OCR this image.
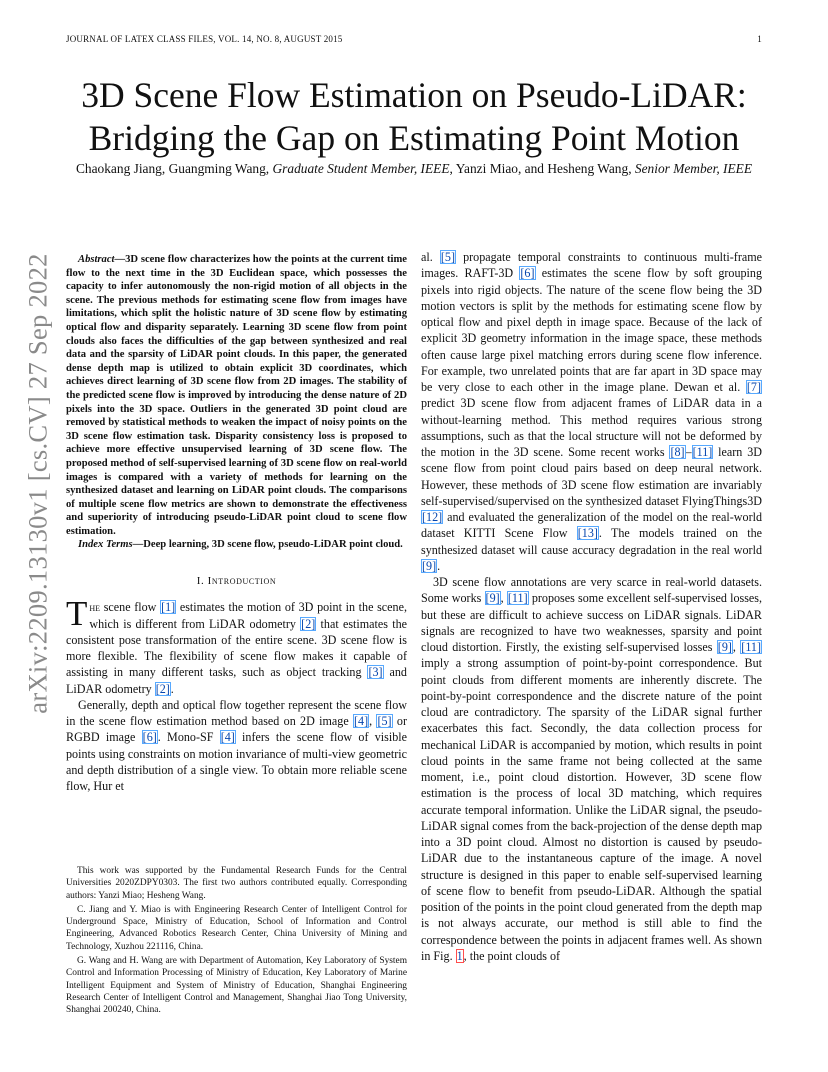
JOURNAL OF LATEX CLASS FILES, VOL. 14, NO. 8, AUGUST 2015	1
arXiv:2209.13130v1 [cs.CV] 27 Sep 2022
3D Scene Flow Estimation on Pseudo-LiDAR: Bridging the Gap on Estimating Point Motion
Chaokang Jiang, Guangming Wang, Graduate Student Member, IEEE, Yanzi Miao, and Hesheng Wang, Senior Member, IEEE

Abstract—3D scene flow characterizes how the points at the current time flow to the next time in the 3D Euclidean space, which possesses the capacity to infer autonomously the non-rigid motion of all objects in the scene. The previous methods for estimating scene flow from images have limitations, which split the holistic nature of 3D scene flow by estimating optical flow and disparity separately. Learning 3D scene flow from point clouds also faces the difficulties of the gap between synthesized and real data and the sparsity of LiDAR point clouds. In this paper, the generated dense depth map is utilized to obtain explicit 3D coordinates, which achieves direct learning of 3D scene flow from 2D images. The stability of the predicted scene flow is improved by introducing the dense nature of 2D pixels into the 3D space. Outliers in the generated 3D point cloud are removed by statistical methods to weaken the impact of noisy points on the 3D scene flow estimation task. Disparity consistency loss is proposed to achieve more effective unsupervised learning of 3D scene flow. The proposed method of self-supervised learning of 3D scene flow on real-world images is compared with a variety of methods for learning on the synthesized dataset and learning on LiDAR point clouds. The comparisons of multiple scene flow metrics are shown to demonstrate the effectiveness and superiority of introducing pseudo-LiDAR point cloud to scene flow estimation.

Index Terms—Deep learning, 3D scene flow, pseudo-LiDAR point cloud.

I. Introduction

The scene flow [1] estimates the motion of 3D point in the scene, which is different from LiDAR odometry [2] that estimates the consistent pose transformation of the entire scene. 3D scene flow is more flexible. The flexibility of scene flow makes it capable of assisting in many different tasks, such as object tracking [3] and LiDAR odometry [2].

Generally, depth and optical flow together represent the scene flow in the scene flow estimation method based on 2D image [4], [5] or RGBD image [6]. Mono-SF [4] infers the scene flow of visible points using constraints on motion invariance of multi-view geometric and depth distribution of a single view. To obtain more reliable scene flow, Hur et

This work was supported by the Fundamental Research Funds for the Central Universities 2020ZDPY0303. The first two authors contributed equally. Corresponding authors: Yanzi Miao; Hesheng Wang.

C. Jiang and Y. Miao is with Engineering Research Center of Intelligent Control for Underground Space, Ministry of Education, School of Information and Control Engineering, Advanced Robotics Research Center, China University of Mining and Technology, Xuzhou 221116, China.

G. Wang and H. Wang are with Department of Automation, Key Laboratory of System Control and Information Processing of Ministry of Education, Key Laboratory of Marine Intelligent Equipment and System of Ministry of Education, Shanghai Engineering Research Center of Intelligent Control and Management, Shanghai Jiao Tong University, Shanghai 200240, China.

al. [5] propagate temporal constraints to continuous multi-frame images. RAFT-3D [6] estimates the scene flow by soft grouping pixels into rigid objects. The nature of the scene flow being the 3D motion vectors is split by the methods for estimating scene flow by optical flow and pixel depth in image space. Because of the lack of explicit 3D geometry information in the image space, these methods often cause large pixel matching errors during scene flow inference. For example, two unrelated points that are far apart in 3D space may be very close to each other in the image plane. Dewan et al. [7] predict 3D scene flow from adjacent frames of LiDAR data in a without-learning method. This method requires various strong assumptions, such as that the local structure will not be deformed by the motion in the 3D scene. Some recent works [8]–[11] learn 3D scene flow from point cloud pairs based on deep neural network. However, these methods of 3D scene flow estimation are invariably self-supervised/supervised on the synthesized dataset FlyingThings3D [12] and evaluated the generalization of the model on the real-world dataset KITTI Scene Flow [13]. The models trained on the synthesized dataset will cause accuracy degradation in the real world [9].

3D scene flow annotations are very scarce in real-world datasets. Some works [9], [11] proposes some excellent self-supervised losses, but these are difficult to achieve success on LiDAR signals. LiDAR signals are recognized to have two weaknesses, sparsity and point cloud distortion. Firstly, the existing self-supervised losses [9], [11] imply a strong assumption of point-by-point correspondence. But point clouds from different moments are inherently discrete. The point-by-point correspondence and the discrete nature of the point cloud are contradictory. The sparsity of the LiDAR signal further exacerbates this fact. Secondly, the data collection process for mechanical LiDAR is accompanied by motion, which results in point cloud points in the same frame not being collected at the same moment, i.e., point cloud distortion. However, 3D scene flow estimation is the process of local 3D matching, which requires accurate temporal information. Unlike the LiDAR signal, the pseudo-LiDAR signal comes from the back-projection of the dense depth map into a 3D point cloud. Almost no distortion is caused by pseudo-LiDAR due to the instantaneous capture of the image. A novel structure is designed in this paper to enable self-supervised learning of scene flow to benefit from pseudo-LiDAR. Although the spatial position of the points in the point cloud generated from the depth map is not always accurate, our method is still able to find the correspondence between the points in adjacent frames well. As shown in Fig. 1, the point clouds of
